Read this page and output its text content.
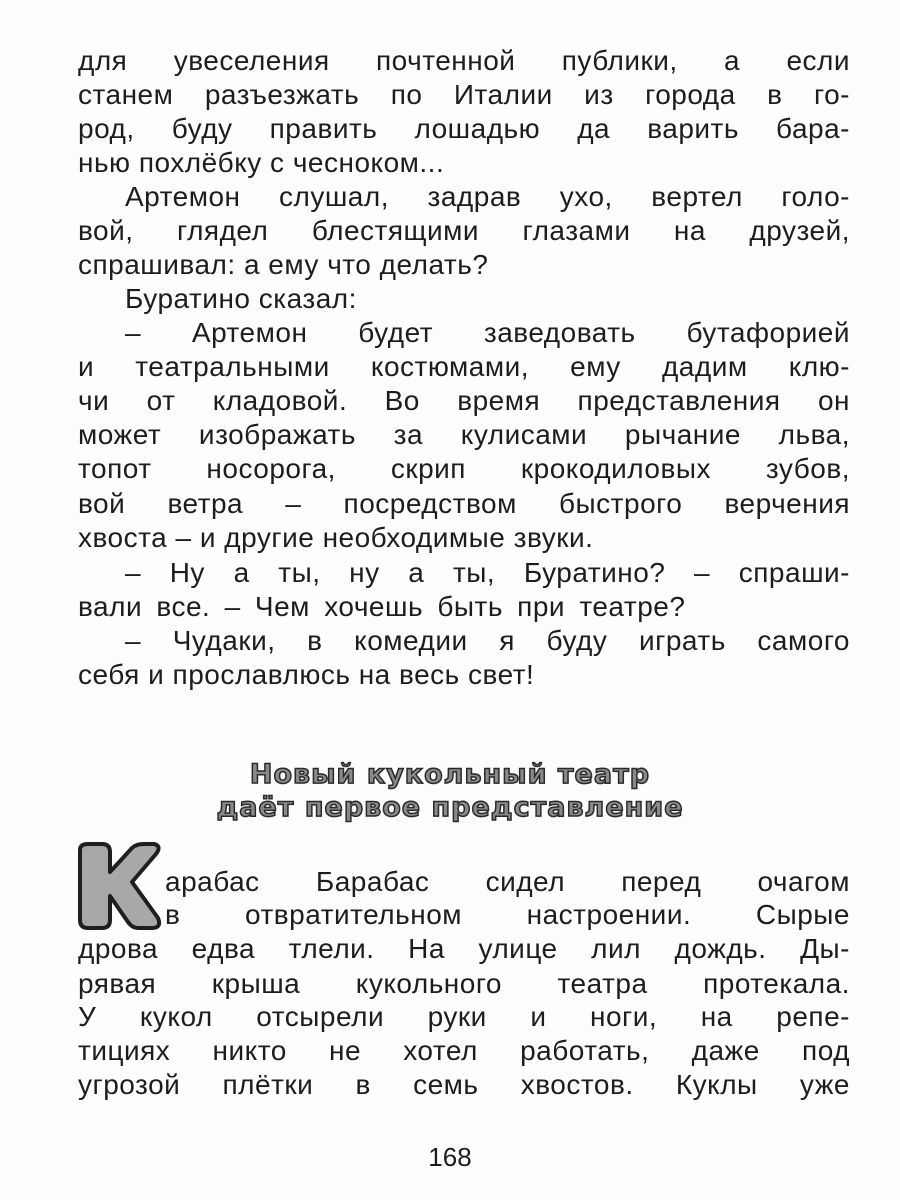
для увеселения почтенной публики, а если
станем разъезжать по Италии из города в го-
род, буду править лошадью да варить бара-
нью похлёбку с чесноком...
Артемон слушал, задрав ухо, вертел голо-
вой, глядел блестящими глазами на друзей,
спрашивал: а ему что делать?
Буратино сказал:
– Артемон будет заведовать бутафорией
и театральными костюмами, ему дадим клю-
чи от кладовой. Во время представления он
может изображать за кулисами рычание льва,
топот носорога, скрип крокодиловых зубов,
вой ветра – посредством быстрого верчения
хвоста – и другие необходимые звуки.
– Ну а ты, ну а ты, Буратино? – спраши-
вали все. – Чем хочешь быть при театре?
– Чудаки, в комедии я буду играть самого
себя и прославлюсь на весь свет!
Новый кукольный театр
даёт первое представление
арабас Барабас сидел перед очагом
в отвратительном настроении. Сырые
дрова едва тлели. На улице лил дождь. Ды-
рявая крыша кукольного театра протекала.
У кукол отсырели руки и ноги, на репе-
тициях никто не хотел работать, даже под
угрозой плётки в семь хвостов. Куклы уже
168
